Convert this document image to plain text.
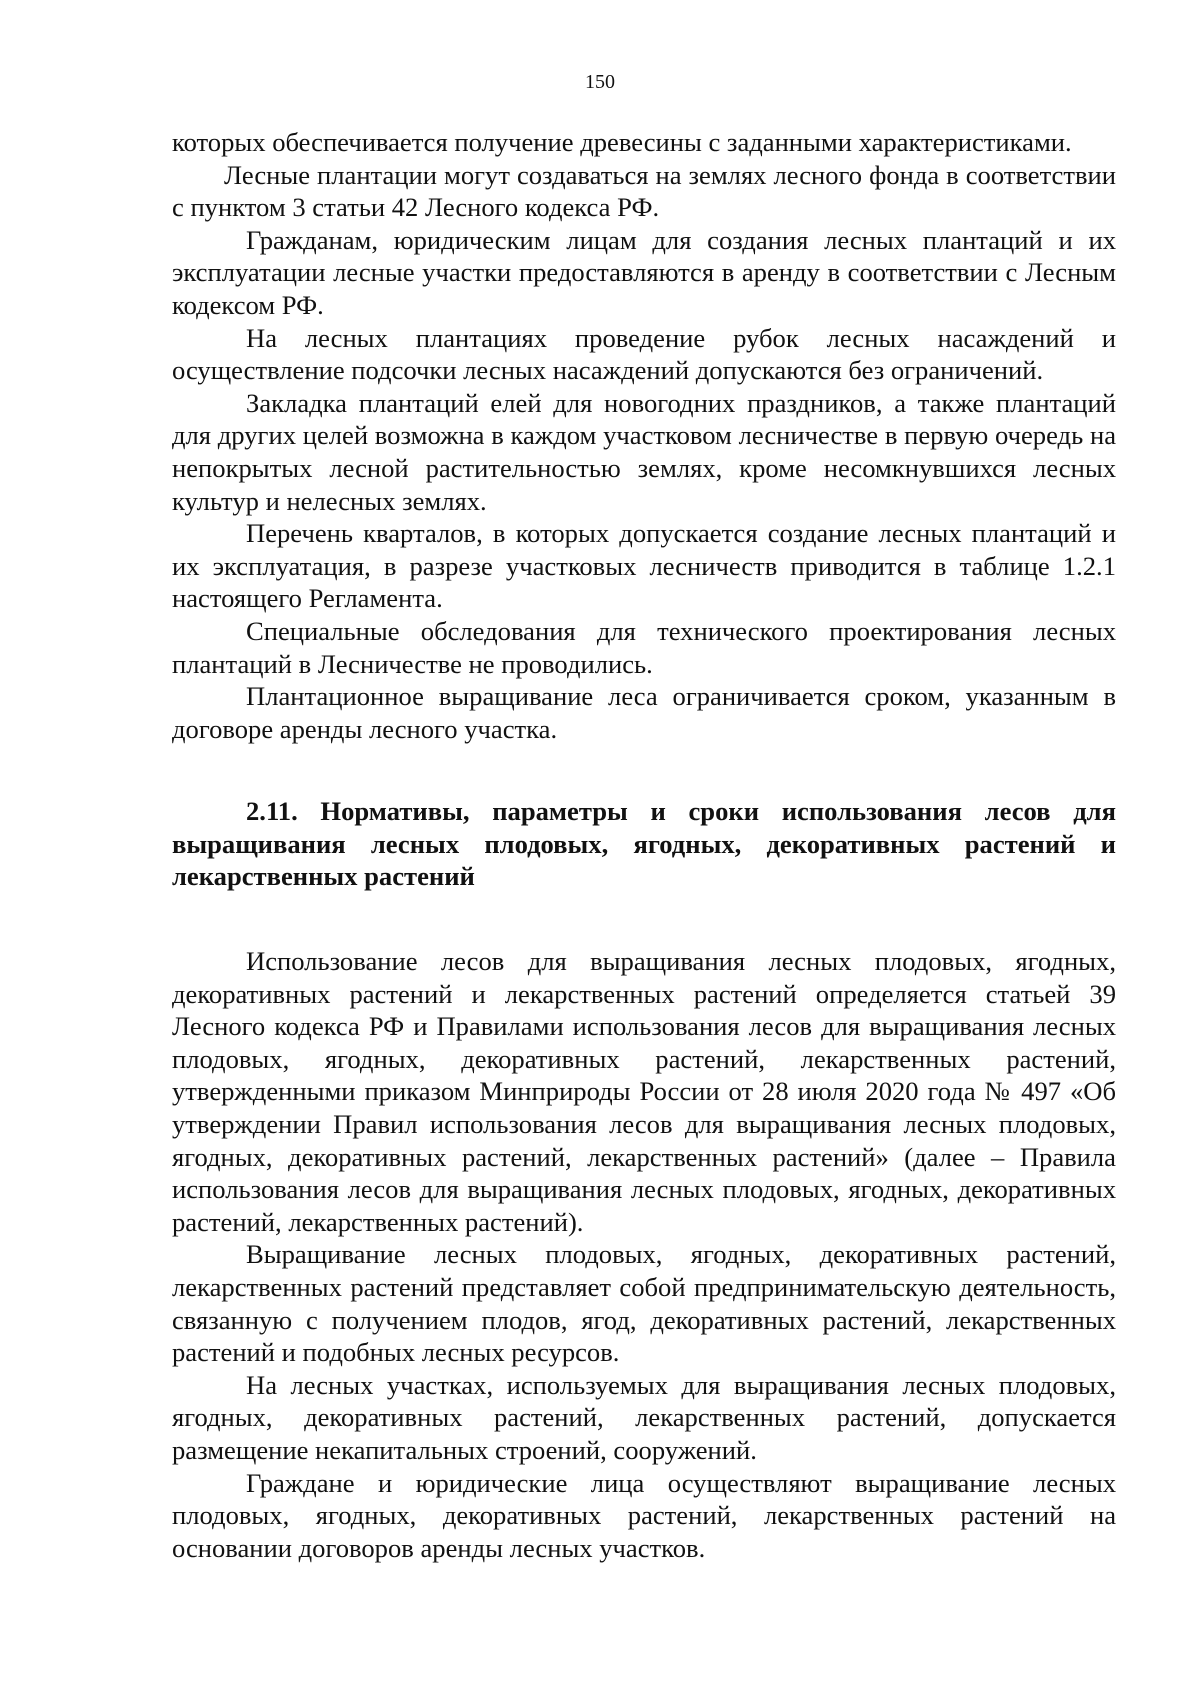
150

которых обеспечивается получение древесины с заданными характеристиками.

Лесные плантации могут создаваться на землях лесного фонда в соответствии с пунктом 3 статьи 42 Лесного кодекса РФ.

Гражданам, юридическим лицам для создания лесных плантаций и их эксплуатации лесные участки предоставляются в аренду в соответствии с Лесным кодексом РФ.

На лесных плантациях проведение рубок лесных насаждений и осуществление подсочки лесных насаждений допускаются без ограничений.

Закладка плантаций елей для новогодних праздников, а также плантаций для других целей возможна в каждом участковом лесничестве в первую очередь на непокрытых лесной растительностью землях, кроме несомкнувшихся лесных культур и нелесных землях.

Перечень кварталов, в которых допускается создание лесных плантаций и их эксплуатация, в разрезе участковых лесничеств приводится в таблице 1.2.1 настоящего Регламента.

Специальные обследования для технического проектирования лесных плантаций в Лесничестве не проводились.

Плантационное выращивание леса ограничивается сроком, указанным в договоре аренды лесного участка.

2.11. Нормативы, параметры и сроки использования лесов для выращивания лесных плодовых, ягодных, декоративных растений и лекарственных растений

Использование лесов для выращивания лесных плодовых, ягодных, декоративных растений и лекарственных растений определяется статьей 39 Лесного кодекса РФ и Правилами использования лесов для выращивания лесных плодовых, ягодных, декоративных растений, лекарственных растений, утвержденными приказом Минприроды России от 28 июля 2020 года № 497 «Об утверждении Правил использования лесов для выращивания лесных плодовых, ягодных, декоративных растений, лекарственных растений» (далее – Правила использования лесов для выращивания лесных плодовых, ягодных, декоративных растений, лекарственных растений).

Выращивание лесных плодовых, ягодных, декоративных растений, лекарственных растений представляет собой предпринимательскую деятельность, связанную с получением плодов, ягод, декоративных растений, лекарственных растений и подобных лесных ресурсов.

На лесных участках, используемых для выращивания лесных плодовых, ягодных, декоративных растений, лекарственных растений, допускается размещение некапитальных строений, сооружений.

Граждане и юридические лица осуществляют выращивание лесных плодовых, ягодных, декоративных растений, лекарственных растений на основании договоров аренды лесных участков.
